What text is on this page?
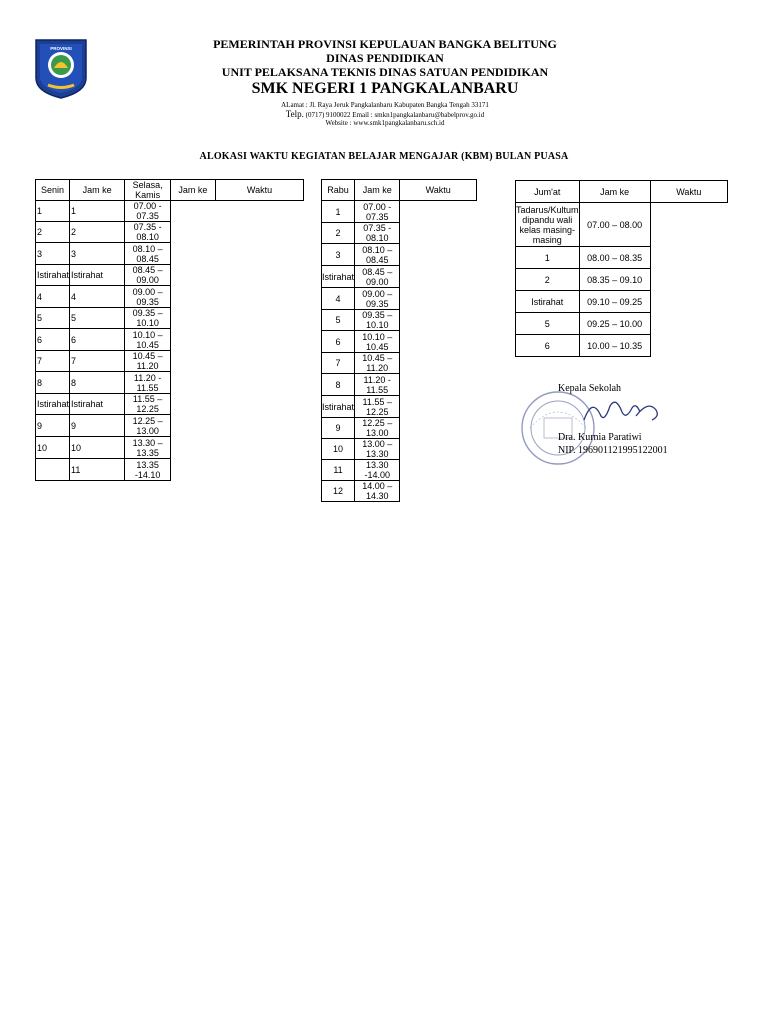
PROVINSI	PEMERINTAH PROVINSI KEPULAUAN BANGKA BELITUNG
DINAS PENDIDIKAN
UNIT PELAKSANA TEKNIS DINAS SATUAN PENDIDIKAN
SMK NEGERI 1 PANGKALANBARU
ALamat : Jl. Raya Jeruk Pangkalanbaru Kabupaten Bangka Tengah 33171
Telp. (0717) 9100022 Email : smkn1pangkalanbaru@babelprov.go.id
Website : www.smk1pangkalanbaru.sch.id
ALOKASI WAKTU KEGIATAN BELAJAR MENGAJAR (KBM) BULAN PUASA
Senin	Jam ke	Selasa, Kamis	Jam ke	Waktu
1	1	07.00 - 07.35		
2	2	07.35 - 08.10		
3	3	08.10 – 08.45		
Istirahat	Istirahat	08.45 – 09.00		
4	4	09.00 – 09.35		
5	5	09.35 – 10.10		
6	6	10.10 – 10.45		
7	7	10.45 – 11.20		
8	8	11.20 - 11.55		
Istirahat	Istirahat	11.55 – 12.25		
9	9	12.25 – 13.00		
10	10	13.30 – 13.35		
	11	13.35 -14.10		
Rabu	Jam ke	Waktu
1	07.00 - 07.35	
2	07.35 - 08.10	
3	08.10 – 08.45	
Istirahat	08.45 – 09.00	
4	09.00 – 09.35	
5	09.35 – 10.10	
6	10.10 – 10.45	
7	10.45 – 11.20	
8	11.20 - 11.55	
Istirahat	11.55 – 12.25	
9	12.25 – 13.00	
10	13.00 – 13.30	
11	13.30 -14.00	
12	14.00 – 14.30	
Jum'at	Jam ke	Waktu
Tadarus/Kultum dipandu wali kelas masing-masing	07.00 – 08.00	
1	08.00 – 08.35	
2	08.35 – 09.10	
Istirahat	09.10 – 09.25	
5	09.25 – 10.00	
6	10.00 – 10.35	
Kepala Sekolah
Dra. Kurnia Paratiwi
NIP. 196901121995122001
